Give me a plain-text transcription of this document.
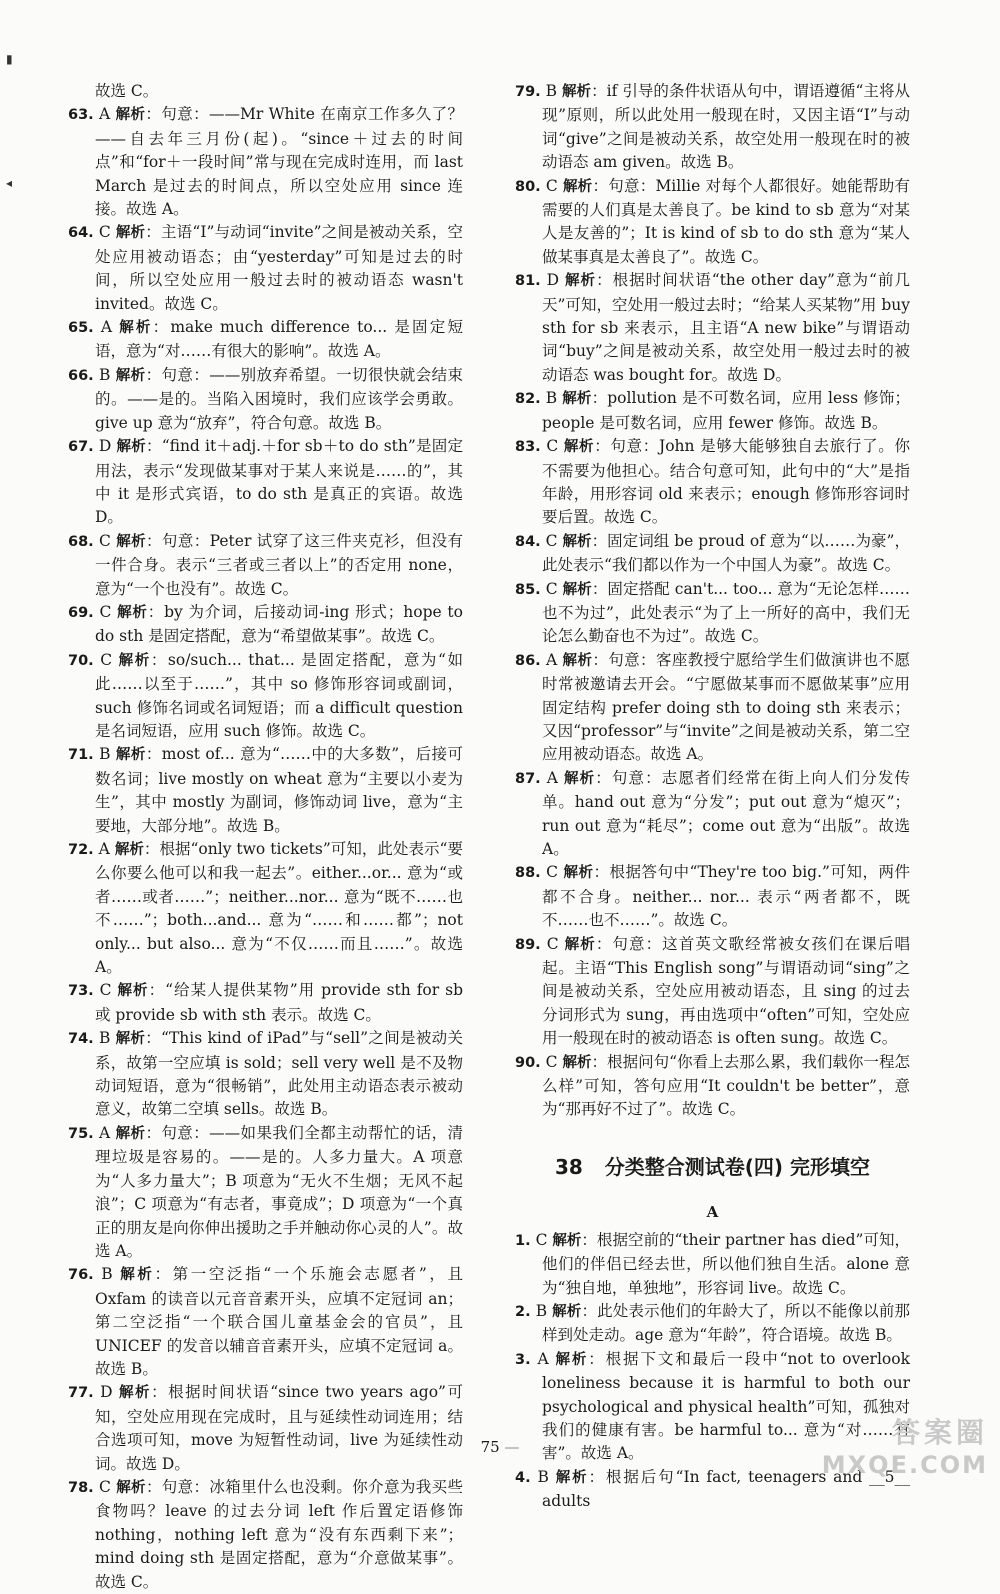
▮
◂
故选 C。
63. A 解析：句意：——Mr White 在南京工作多久了？——自去年三月份(起)。“since＋过去的时间点”和“for＋一段时间”常与现在完成时连用，而 last March 是过去的时间点，所以空处应用 since 连接。故选 A。
64. C 解析：主语“I”与动词“invite”之间是被动关系，空处应用被动语态；由“yesterday”可知是过去的时间，所以空处应用一般过去时的被动语态 wasn't invited。故选 C。
65. A 解析：make much difference to... 是固定短语，意为“对……有很大的影响”。故选 A。
66. B 解析：句意：——别放弃希望。一切很快就会结束的。——是的。当陷入困境时，我们应该学会勇敢。give up 意为“放弃”，符合句意。故选 B。
67. D 解析：“find it＋adj.＋for sb＋to do sth”是固定用法，表示“发现做某事对于某人来说是……的”，其中 it 是形式宾语，to do sth 是真正的宾语。故选 D。
68. C 解析：句意：Peter 试穿了这三件夹克衫，但没有一件合身。表示“三者或三者以上”的否定用 none，意为“一个也没有”。故选 C。
69. C 解析：by 为介词，后接动词-ing 形式；hope to do sth 是固定搭配，意为“希望做某事”。故选 C。
70. C 解析：so/such... that... 是固定搭配，意为“如此……以至于……”，其中 so 修饰形容词或副词，such 修饰名词或名词短语；而 a difficult question 是名词短语，应用 such 修饰。故选 C。
71. B 解析：most of... 意为“……中的大多数”，后接可数名词；live mostly on wheat 意为“主要以小麦为生”，其中 mostly 为副词，修饰动词 live，意为“主要地，大部分地”。故选 B。
72. A 解析：根据“only two tickets”可知，此处表示“要么你要么他可以和我一起去”。either...or... 意为“或者……或者……”；neither...nor... 意为“既不……也不……”；both...and... 意为“……和……都”；not only... but also... 意为“不仅……而且……”。故选 A。
73. C 解析：“给某人提供某物”用 provide sth for sb 或 provide sb with sth 表示。故选 C。
74. B 解析：“This kind of iPad”与“sell”之间是被动关系，故第一空应填 is sold；sell very well 是不及物动词短语，意为“很畅销”，此处用主动语态表示被动意义，故第二空填 sells。故选 B。
75. A 解析：句意：——如果我们全都主动帮忙的话，清理垃圾是容易的。——是的。人多力量大。A 项意为“人多力量大”；B 项意为“无火不生烟；无风不起浪”；C 项意为“有志者，事竟成”；D 项意为“一个真正的朋友是向你伸出援助之手并触动你心灵的人”。故选 A。
76. B 解析：第一空泛指“一个乐施会志愿者”，且 Oxfam 的读音以元音音素开头，应填不定冠词 an；第二空泛指“一个联合国儿童基金会的官员”，且 UNICEF 的发音以辅音音素开头，应填不定冠词 a。故选 B。
77. D 解析：根据时间状语“since two years ago”可知，空处应用现在完成时，且与延续性动词连用；结合选项可知，move 为短暂性动词，live 为延续性动词。故选 D。
78. C 解析：句意：冰箱里什么也没剩。你介意为我买些食物吗？leave 的过去分词 left 作后置定语修饰 nothing，nothing left 意为“没有东西剩下来”；mind doing sth 是固定搭配，意为“介意做某事”。故选 C。
79. B 解析：if 引导的条件状语从句中，谓语遵循“主将从现”原则，所以此处用一般现在时，又因主语“I”与动词“give”之间是被动关系，故空处用一般现在时的被动语态 am given。故选 B。
80. C 解析：句意：Millie 对每个人都很好。她能帮助有需要的人们真是太善良了。be kind to sb 意为“对某人是友善的”；It is kind of sb to do sth 意为“某人做某事真是太善良了”。故选 C。
81. D 解析：根据时间状语“the other day”意为“前几天”可知，空处用一般过去时；“给某人买某物”用 buy sth for sb 来表示，且主语“A new bike”与谓语动词“buy”之间是被动关系，故空处用一般过去时的被动语态 was bought for。故选 D。
82. B 解析：pollution 是不可数名词，应用 less 修饰；people 是可数名词，应用 fewer 修饰。故选 B。
83. C 解析：句意：John 是够大能够独自去旅行了。你不需要为他担心。结合句意可知，此句中的“大”是指年龄，用形容词 old 来表示；enough 修饰形容词时要后置。故选 C。
84. C 解析：固定词组 be proud of 意为“以……为豪”，此处表示“我们都以作为一个中国人为豪”。故选 C。
85. C 解析：固定搭配 can't... too... 意为“无论怎样……也不为过”，此处表示“为了上一所好的高中，我们无论怎么勤奋也不为过”。故选 C。
86. A 解析：句意：客座教授宁愿给学生们做演讲也不愿时常被邀请去开会。“宁愿做某事而不愿做某事”应用固定结构 prefer doing sth to doing sth 来表示；又因“professor”与“invite”之间是被动关系，第二空应用被动语态。故选 A。
87. A 解析：句意：志愿者们经常在街上向人们分发传单。hand out 意为“分发”；put out 意为“熄灭”；run out 意为“耗尽”；come out 意为“出版”。故选 A。
88. C 解析：根据答句中“They're too big.”可知，两件都不合身。neither... nor... 表示“两者都不，既不……也不……”。故选 C。
89. C 解析：句意：这首英文歌经常被女孩们在课后唱起。主语“This English song”与谓语动词“sing”之间是被动关系，空处应用被动语态，且 sing 的过去分词形式为 sung，再由选项中“often”可知，空处应用一般现在时的被动语态 is often sung。故选 C。
90. C 解析：根据问句“你看上去那么累，我们载你一程怎么样”可知，答句应用“It couldn't be better”，意为“那再好不过了”。故选 C。
38 分类整合测试卷(四) 完形填空
A
1. C 解析：根据空前的“their partner has died”可知，他们的伴侣已经去世，所以他们独自生活。alone 意为“独自地，单独地”，形容词 live。故选 C。
2. B 解析：此处表示他们的年龄大了，所以不能像以前那样到处走动。age 意为“年龄”，符合语境。故选 B。
3. A 解析：根据下文和最后一段中“not to overlook loneliness because it is harmful to both our psychological and physical health”可知，孤独对我们的健康有害。be harmful to... 意为“对……有害”。故选 A。
4. B 解析：根据后句“In fact, teenagers and __5__ adults
75 —	答案圈
MXQE.COM
